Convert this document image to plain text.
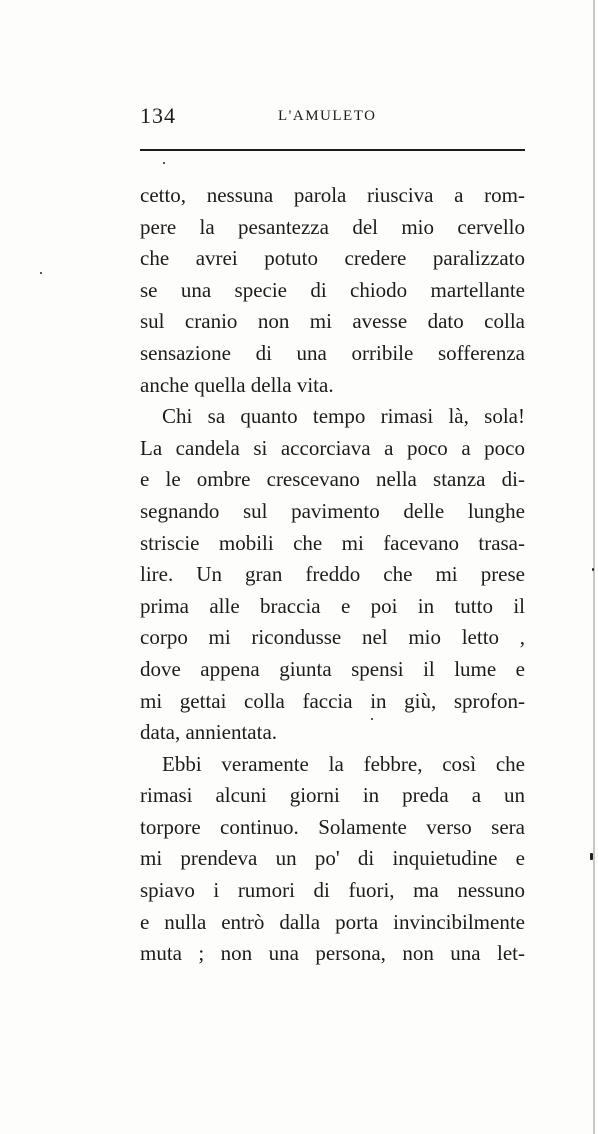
134	L'AMULETO
cetto, nessuna parola riusciva a rom-
pere la pesantezza del mio cervello
che avrei potuto credere paralizzato
se una specie di chiodo martellante
sul cranio non mi avesse dato colla
sensazione di una orribile sofferenza
anche quella della vita.
Chi sa quanto tempo rimasi là, sola!
La candela si accorciava a poco a poco
e le ombre crescevano nella stanza di-
segnando sul pavimento delle lunghe
striscie mobili che mi facevano trasa-
lire. Un gran freddo che mi prese
prima alle braccia e poi in tutto il
corpo mi ricondusse nel mio letto ,
dove appena giunta spensi il lume e
mi gettai colla faccia in giù, sprofon-
data, annientata.
Ebbi veramente la febbre, così che
rimasi alcuni giorni in preda a un
torpore continuo. Solamente verso sera
mi prendeva un po' di inquietudine e
spiavo i rumori di fuori, ma nessuno
e nulla entrò dalla porta invincibilmente
muta ; non una persona, non una let-
